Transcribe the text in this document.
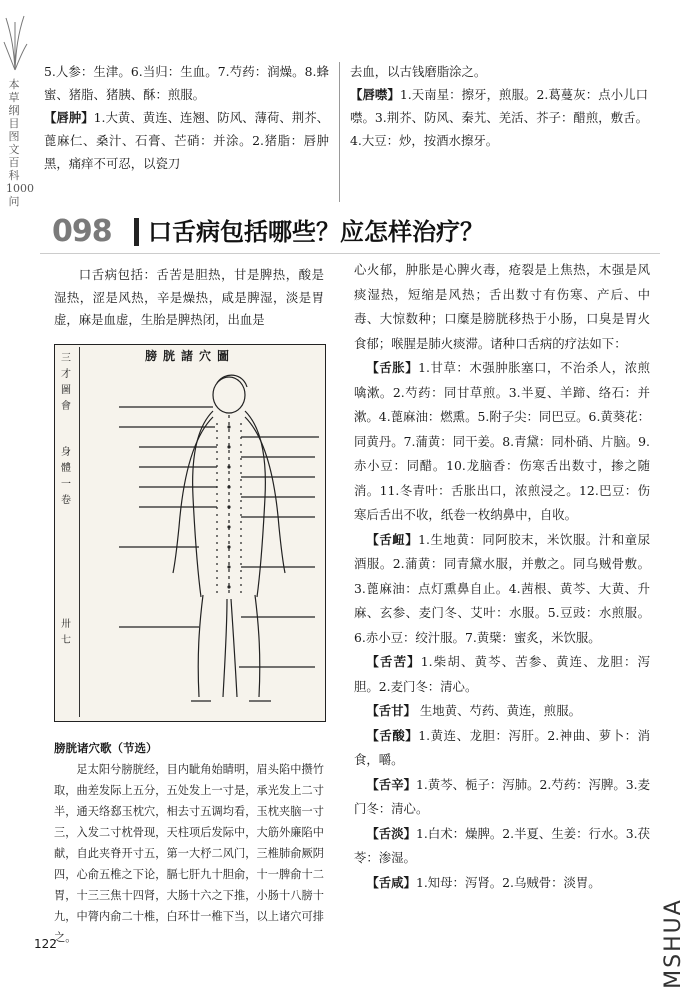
本草纲目图文百科1000问

5.人参：生津。6.当归：生血。7.芍药：润燥。8.蜂蜜、猪脂、猪胰、酥：煎服。

【唇肿】1.大黄、黄连、连翘、防风、薄荷、荆芥、蓖麻仁、桑汁、石膏、芒硝：并涂。2.猪脂：唇肿黑，痛痒不可忍，以瓷刀

去血，以古钱磨脂涂之。

【唇噤】1.天南星：擦牙，煎服。2.葛蔓灰：点小儿口噤。3.荆芥、防风、秦艽、羌活、芥子：醋煎，敷舌。4.大豆：炒，按酒水擦牙。

098 口舌病包括哪些？应怎样治疗？

口舌病包括：舌苦是胆热，甘是脾热，酸是湿热，涩是风热，辛是燥热，咸是脾湿，淡是胃虚，麻是血虚，生胎是脾热闭，出血是

三
才
圖
會
身
體
一
卷
卅
七
膀胱諸穴圖
膀胱诸穴歌（节选）
足太阳兮膀胱经，目内眦角始睛明，眉头陷中攒竹取，曲差发际上五分，五处发上一寸是，承光发上二寸半，通天络郄玉枕穴，相去寸五调均看，玉枕夹脑一寸三，入发二寸枕骨现，天柱项后发际中，大筋外廉陷中献，自此夹脊开寸五，第一大杼二风门，三椎肺俞厥阴四，心俞五椎之下论，膈七肝九十胆俞，十一脾俞十二胃，十三三焦十四肾，大肠十六之下推，小肠十八膀十九，中膂内俞二十椎，白环廿一椎下当，以上诸穴可排之。

心火郁，肿胀是心脾火毒，疮裂是上焦热，木强是风痰湿热，短缩是风热；舌出数寸有伤寒、产后、中毒、大惊数种；口糜是膀胱移热于小肠，口臭是胃火食郁；喉腥是肺火痰滞。诸种口舌病的疗法如下：

【舌胀】1.甘草：木强肿胀塞口，不治杀人，浓煎噙漱。2.芍药：同甘草煎。3.半夏、羊蹄、络石：并漱。4.蓖麻油：燃熏。5.附子尖：同巴豆。6.黄葵花：同黄丹。7.蒲黄：同干姜。8.青黛：同朴硝、片脑。9.赤小豆：同醋。10.龙脑香：伤寒舌出数寸，掺之随消。11.冬青叶：舌胀出口，浓煎浸之。12.巴豆：伤寒后舌出不收，纸卷一枚纳鼻中，自收。

【舌衄】1.生地黄：同阿胶末，米饮服。汁和童尿酒服。2.蒲黄：同青黛水服，并敷之。同乌贼骨敷。3.蓖麻油：点灯熏鼻自止。4.茜根、黄芩、大黄、升麻、玄参、麦门冬、艾叶：水服。5.豆豉：水煎服。6.赤小豆：绞汁服。7.黄檗：蜜炙，米饮服。

【舌苦】1.柴胡、黄芩、苦参、黄连、龙胆：泻胆。2.麦门冬：清心。

【舌甘】 生地黄、芍药、黄连，煎服。

【舌酸】1.黄连、龙胆：泻肝。2.神曲、萝卜：消食，嚼。

【舌辛】1.黄芩、栀子：泻肺。2.芍药：泻脾。3.麦门冬：清心。

【舌淡】1.白术：燥脾。2.半夏、生姜：行水。3.茯苓：渗湿。

【舌咸】1.知母：泻肾。2.乌贼骨：淡胃。

122	MSHUA
